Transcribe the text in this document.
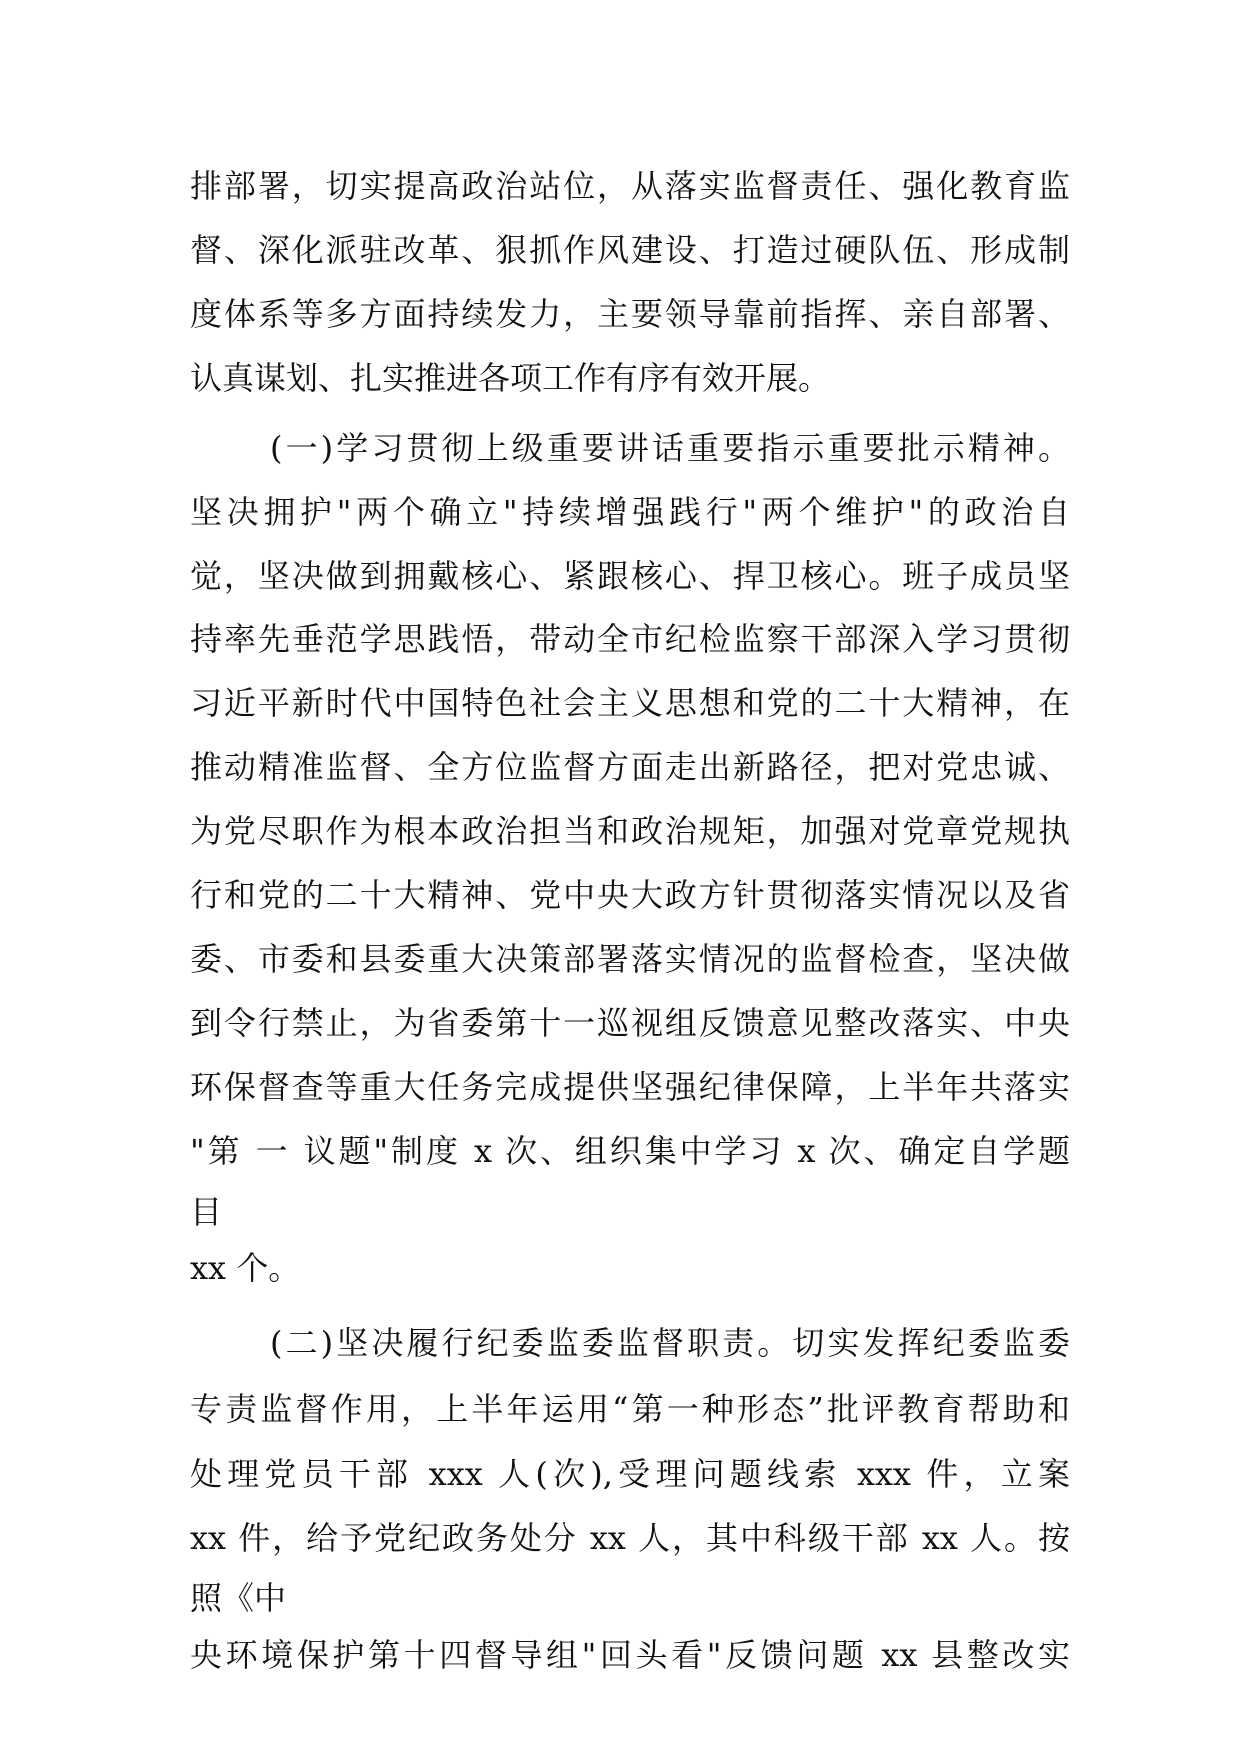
排部署，切实提高政治站位，从落实监督责任、强化教育监
督、深化派驻改革、狠抓作风建设、打造过硬队伍、形成制
度体系等多方面持续发力，主要领导靠前指挥、亲自部署、
认真谋划、扎实推进各项工作有序有效开展。
(一)学习贯彻上级重要讲话重要指示重要批示精神。
坚决拥护"两个确立"持续增强践行"两个维护"的政治自
觉，坚决做到拥戴核心、紧跟核心、捍卫核心。班子成员坚
持率先垂范学思践悟，带动全市纪检监察干部深入学习贯彻
习近平新时代中国特色社会主义思想和党的二十大精神，在
推动精准监督、全方位监督方面走出新路径，把对党忠诚、
为党尽职作为根本政治担当和政治规矩，加强对党章党规执
行和党的二十大精神、党中央大政方针贯彻落实情况以及省
委、市委和县委重大决策部署落实情况的监督检查，坚决做
到令行禁止，为省委第十一巡视组反馈意见整改落实、中央
环保督查等重大任务完成提供坚强纪律保障，上半年共落实
"第 一 议题"制度 x 次、组织集中学习 x 次、确定自学题
目
xx 个。
(二)坚决履行纪委监委监督职责。切实发挥纪委监委
专责监督作用，上半年运用“第一种形态”批评教育帮助和
处理党员干部 xxx 人(次),受理问题线索 xxx 件，立案
xx 件，给予党纪政务处分 xx 人，其中科级干部 xx 人。按
照《中
央环境保护第十四督导组"回头看"反馈问题 xx 县整改实
